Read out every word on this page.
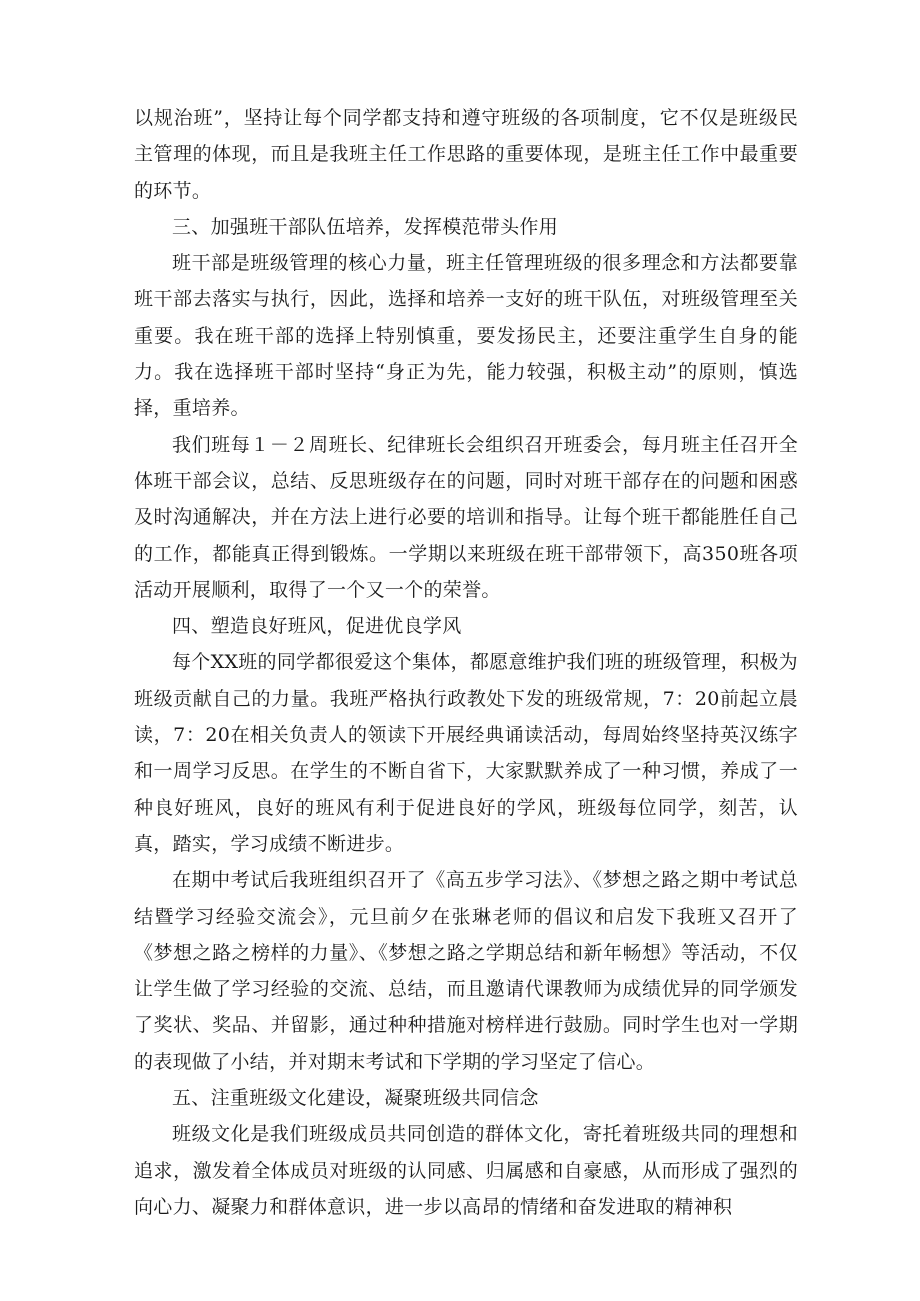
以规治班”，坚持让每个同学都支持和遵守班级的各项制度，它不仅是班级民主管理的体现，而且是我班主任工作思路的重要体现，是班主任工作中最重要的环节。

三、加强班干部队伍培养，发挥模范带头作用

班干部是班级管理的核心力量，班主任管理班级的很多理念和方法都要靠班干部去落实与执行，因此，选择和培养一支好的班干队伍，对班级管理至关重要。我在班干部的选择上特别慎重，要发扬民主，还要注重学生自身的能力。我在选择班干部时坚持“身正为先，能力较强，积极主动”的原则，慎选择，重培养。

我们班每１－２周班长、纪律班长会组织召开班委会，每月班主任召开全体班干部会议，总结、反思班级存在的问题，同时对班干部存在的问题和困惑及时沟通解决，并在方法上进行必要的培训和指导。让每个班干都能胜任自己的工作，都能真正得到锻炼。一学期以来班级在班干部带领下，高350班各项活动开展顺利，取得了一个又一个的荣誉。

四、塑造良好班风，促进优良学风

每个XX班的同学都很爱这个集体，都愿意维护我们班的班级管理，积极为班级贡献自己的力量。我班严格执行政教处下发的班级常规，7：20前起立晨读，7：20在相关负责人的领读下开展经典诵读活动，每周始终坚持英汉练字和一周学习反思。在学生的不断自省下，大家默默养成了一种习惯，养成了一种良好班风，良好的班风有利于促进良好的学风，班级每位同学，刻苦，认真，踏实，学习成绩不断进步。

在期中考试后我班组织召开了《高五步学习法》、《梦想之路之期中考试总结暨学习经验交流会》，元旦前夕在张琳老师的倡议和启发下我班又召开了《梦想之路之榜样的力量》、《梦想之路之学期总结和新年畅想》等活动，不仅让学生做了学习经验的交流、总结，而且邀请代课教师为成绩优异的同学颁发了奖状、奖品、并留影，通过种种措施对榜样进行鼓励。同时学生也对一学期的表现做了小结，并对期末考试和下学期的学习坚定了信心。

五、注重班级文化建设，凝聚班级共同信念

班级文化是我们班级成员共同创造的群体文化，寄托着班级共同的理想和追求，激发着全体成员对班级的认同感、归属感和自豪感，从而形成了强烈的向心力、凝聚力和群体意识，进一步以高昂的情绪和奋发进取的精神积
